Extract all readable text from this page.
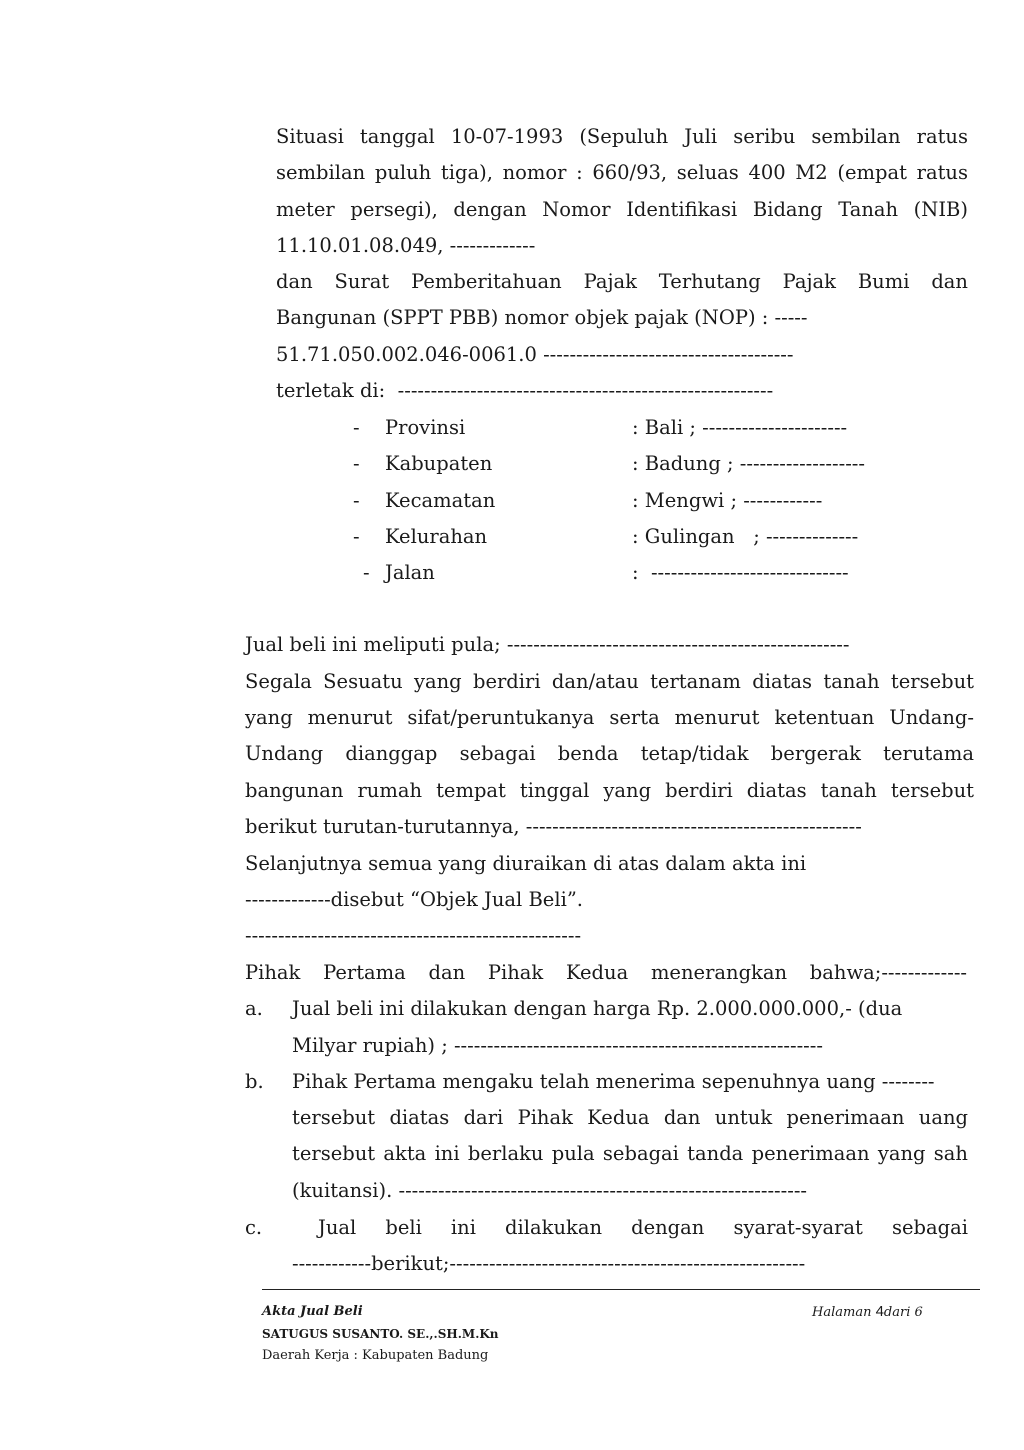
Situasi tanggal 10-07-1993 (Sepuluh Juli seribu sembilan ratus
sembilan puluh tiga), nomor : 660/93, seluas 400 M2 (empat ratus
meter persegi), dengan Nomor Identifikasi Bidang Tanah (NIB)
11.10.01.08.049, -------------
dan Surat Pemberitahuan Pajak Terhutang Pajak Bumi dan
Bangunan (SPPT PBB) nomor objek pajak (NOP) : -----
51.71.050.002.046-0061.0 --------------------------------------
terletak di:  ---------------------------------------------------------
- Provinsi	: Bali ; ----------------------
- Kabupaten	: Badung ; -------------------
- Kecamatan	: Mengwi ; ------------
- Kelurahan	: Gulingan   ; --------------
- Jalan	:  ------------------------------
Jual beli ini meliputi pula; ----------------------------------------------------
Segala Sesuatu yang berdiri dan/atau tertanam diatas tanah tersebut
yang menurut sifat/peruntukanya serta menurut ketentuan Undang-
Undang dianggap sebagai benda tetap/tidak bergerak terutama
bangunan rumah tempat tinggal yang berdiri diatas tanah tersebut
berikut turutan-turutannya, ---------------------------------------------------
Selanjutnya semua yang diuraikan di atas dalam akta ini
-------------disebut “Objek Jual Beli”.
---------------------------------------------------
Pihak Pertama dan Pihak Kedua menerangkan bahwa;-------------
a. Jual beli ini dilakukan dengan harga Rp. 2.000.000.000,- (dua
Milyar rupiah) ; --------------------------------------------------------
b. Pihak Pertama mengaku telah menerima sepenuhnya uang --------
tersebut diatas dari Pihak Kedua dan untuk penerimaan uang
tersebut akta ini berlaku pula sebagai tanda penerimaan yang sah
(kuitansi). --------------------------------------------------------------
c.	Jual beli ini dilakukan dengan syarat-syarat sebagai
------------berikut;------------------------------------------------------
Akta Jual Beli	Halaman 4dari 6
SATUGUS SUSANTO. SE.,.SH.M.Kn
Daerah Kerja : Kabupaten Badung
